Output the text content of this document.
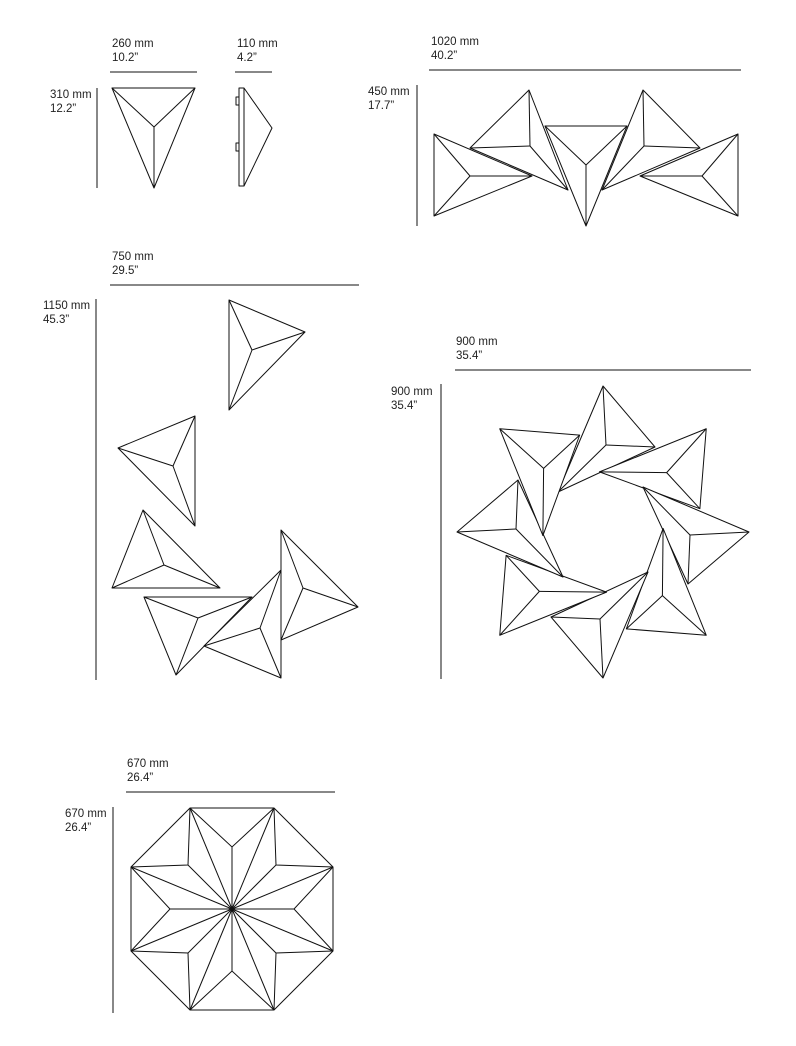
260 mm
10.2”
110 mm
4.2”
310 mm
12.2”
1020 mm
40.2”
450 mm
17.7”
750 mm
29.5”
1150 mm
45.3”
900 mm
35.4”
900 mm
35.4”
670 mm
26.4”
670 mm
26.4”
